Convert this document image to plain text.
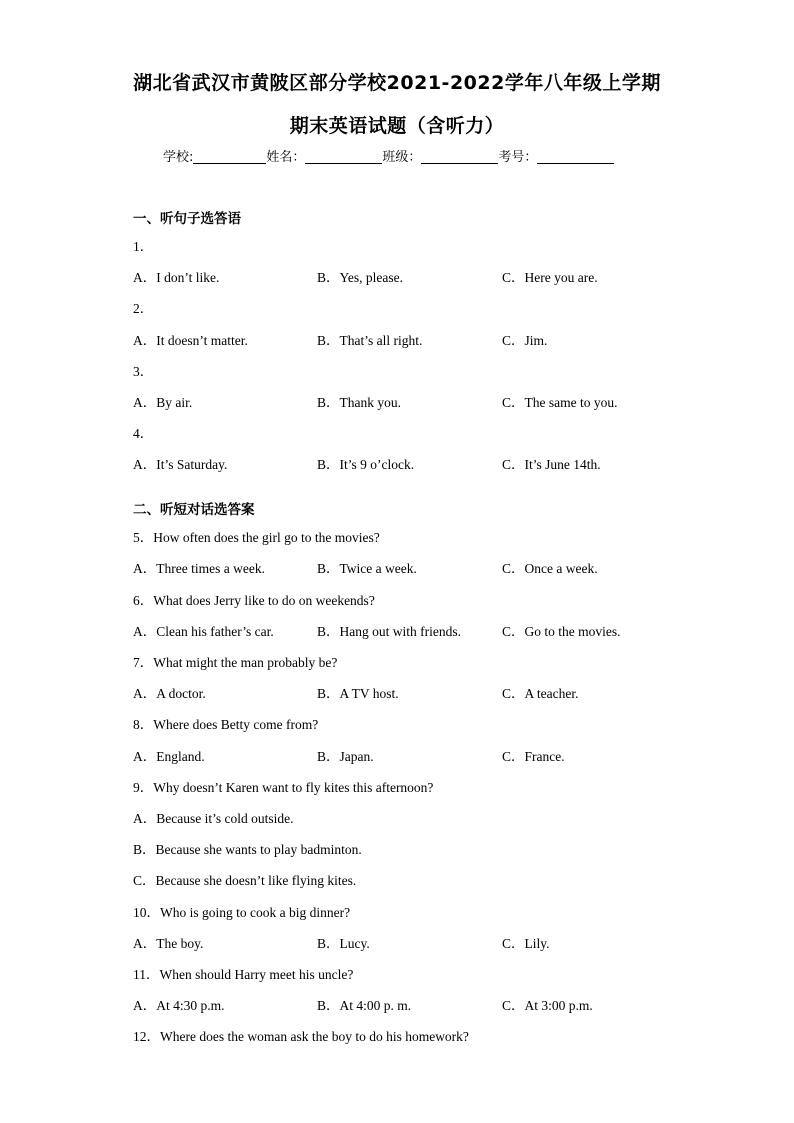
湖北省武汉市黄陂区部分学校2021-2022学年八年级上学期
期末英语试题（含听力）
学校:	姓名：	班级：	考号：
一、听句子选答语
1．
A．I don’t like.	B．Yes, please.	C．Here you are.
2．
A．It doesn’t matter.	B．That’s all right.	C．Jim.
3．
A．By air.	B．Thank you.	C．The same to you.
4．
A．It’s Saturday.	B．It’s 9 o’clock.	C．It’s June 14th.
二、听短对话选答案
5．How often does the girl go to the movies?
A．Three times a week.	B．Twice a week.	C．Once a week.
6．What does Jerry like to do on weekends?
A．Clean his father’s car.	B．Hang out with friends.	C．Go to the movies.
7．What might the man probably be?
A．A doctor.	B．A TV host.	C．A teacher.
8．Where does Betty come from?
A．England.	B．Japan.	C．France.
9．Why doesn’t Karen want to fly kites this afternoon?
A．Because it’s cold outside.
B．Because she wants to play badminton.
C．Because she doesn’t like flying kites.
10．Who is going to cook a big dinner?
A．The boy.	B．Lucy.	C．Lily.
11．When should Harry meet his uncle?
A．At 4:30 p.m.	B．At 4:00 p. m.	C．At 3:00 p.m.
12．Where does the woman ask the boy to do his homework?
